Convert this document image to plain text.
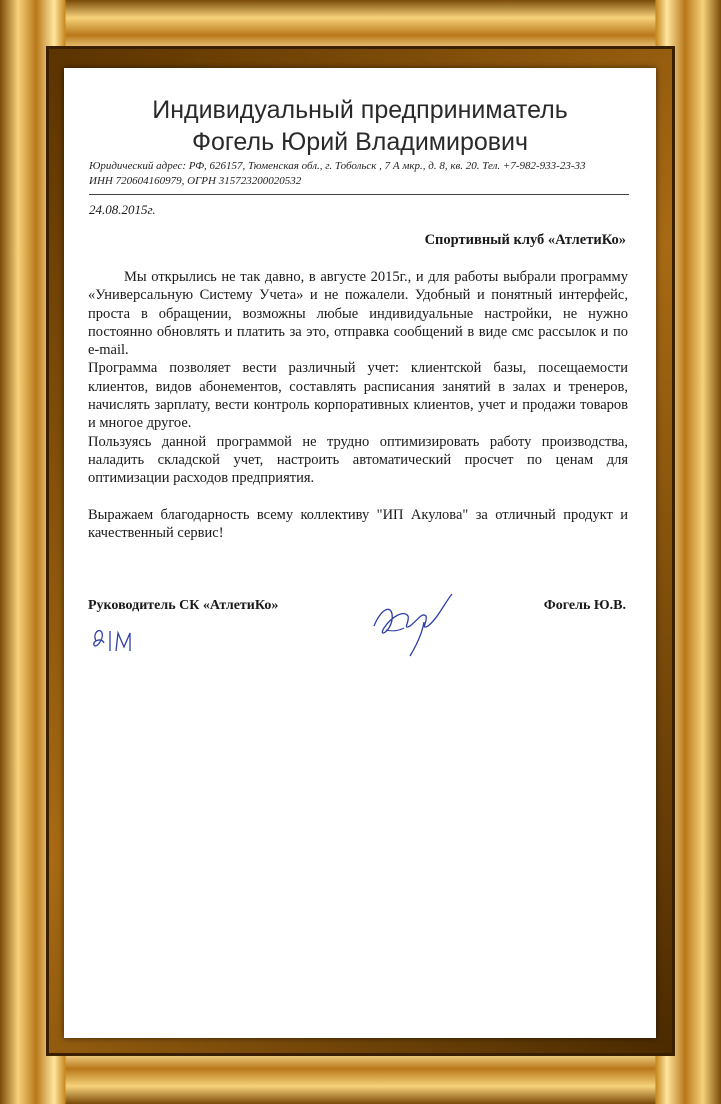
Индивидуальный предприниматель
Фогель Юрий Владимирович
Юридический адрес: РФ, 626157, Тюменская обл., г. Тобольск , 7 А мкр., д. 8, кв. 20. Тел. +7-982-933-23-33
ИНН 720604160979, ОГРН 315723200020532
24.08.2015г.
Спортивный клуб «АтлетиКо»

Мы открылись не так давно, в августе 2015г., и для работы выбрали программу «Универсальную Систему Учета» и не пожалели. Удобный и понятный интерфейс, проста в обращении, возможны любые индивидуальные настройки, не нужно постоянно обновлять и платить за это, отправка сообщений в виде смс рассылок и по e-mail.

Программа позволяет вести различный учет: клиентской базы, посещаемости клиентов, видов абонементов, составлять расписания занятий в залах и тренеров, начислять зарплату, вести контроль корпоративных клиентов, учет и продажи товаров и многое другое.

Пользуясь данной программой не трудно оптимизировать работу производства, наладить складской учет, настроить автоматический просчет по ценам для оптимизации расходов предприятия.

Выражаем благодарность всему коллективу "ИП Акулова" за отличный продукт и качественный сервис!

Руководитель СК «АтлетиКо»	Фогель Ю.В.
